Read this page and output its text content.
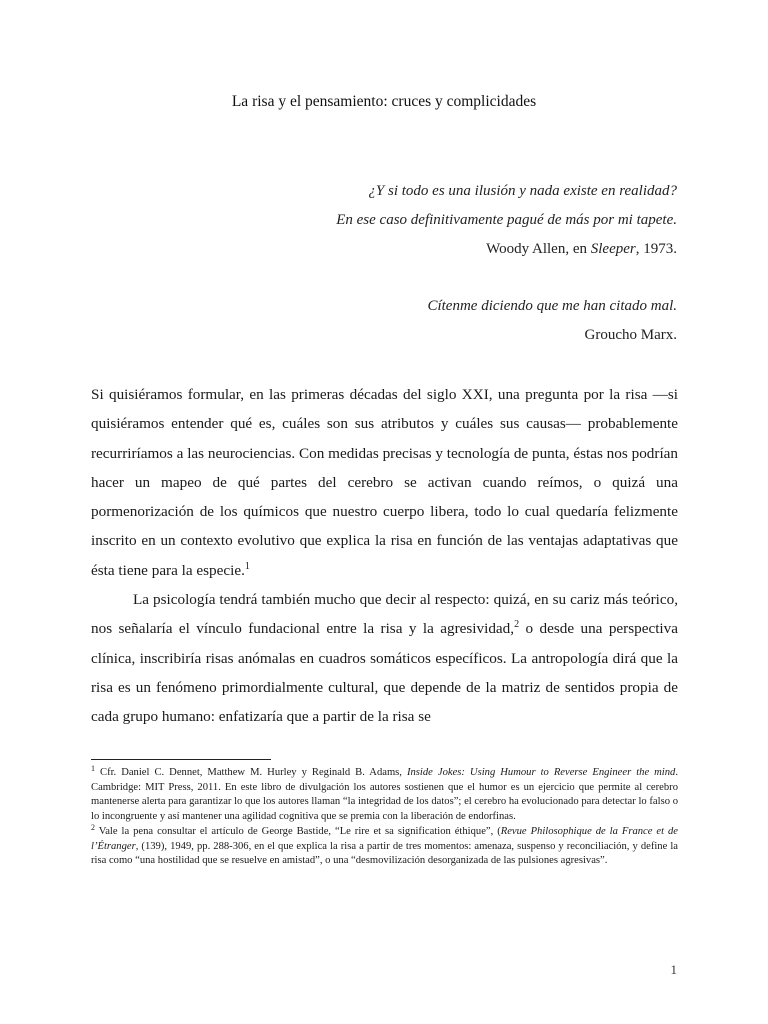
La risa y el pensamiento: cruces y complicidades
¿Y si todo es una ilusión y nada existe en realidad?
En ese caso definitivamente pagué de más por mi tapete.
Woody Allen, en Sleeper, 1973.
Cítenme diciendo que me han citado mal.
Groucho Marx.

Si quisiéramos formular, en las primeras décadas del siglo XXI, una pregunta por la risa —si quisiéramos entender qué es, cuáles son sus atributos y cuáles sus causas— probablemente recurriríamos a las neurociencias. Con medidas precisas y tecnología de punta, éstas nos podrían hacer un mapeo de qué partes del cerebro se activan cuando reímos, o quizá una pormenorización de los químicos que nuestro cuerpo libera, todo lo cual quedaría felizmente inscrito en un contexto evolutivo que explica la risa en función de las ventajas adaptativas que ésta tiene para la especie.$^1$

La psicología tendrá también mucho que decir al respecto: quizá, en su cariz más teórico, nos señalaría el vínculo fundacional entre la risa y la agresividad,$^2$ o desde una perspectiva clínica, inscribiría risas anómalas en cuadros somáticos específicos. La antropología dirá que la risa es un fenómeno primordialmente cultural, que depende de la matriz de sentidos propia de cada grupo humano: enfatizaría que a partir de la risa se

$^1$ Cfr. Daniel C. Dennet, Matthew M. Hurley y Reginald B. Adams, Inside Jokes: Using Humour to Reverse Engineer the mind. Cambridge: MIT Press, 2011. En este libro de divulgación los autores sostienen que el humor es un ejercicio que permite al cerebro mantenerse alerta para garantizar lo que los autores llaman “la integridad de los datos”; el cerebro ha evolucionado para detectar lo falso o lo incongruente y así mantener una agilidad cognitiva que se premia con la liberación de endorfinas.

$^2$ Vale la pena consultar el artículo de George Bastide, “Le rire et sa signification éthique”, (Revue Philosophique de la France et de l’Étranger, (139), 1949, pp. 288-306, en el que explica la risa a partir de tres momentos: amenaza, suspenso y reconciliación, y define la risa como “una hostilidad que se resuelve en amistad”, o una “desmovilización desorganizada de las pulsiones agresivas”.

1
